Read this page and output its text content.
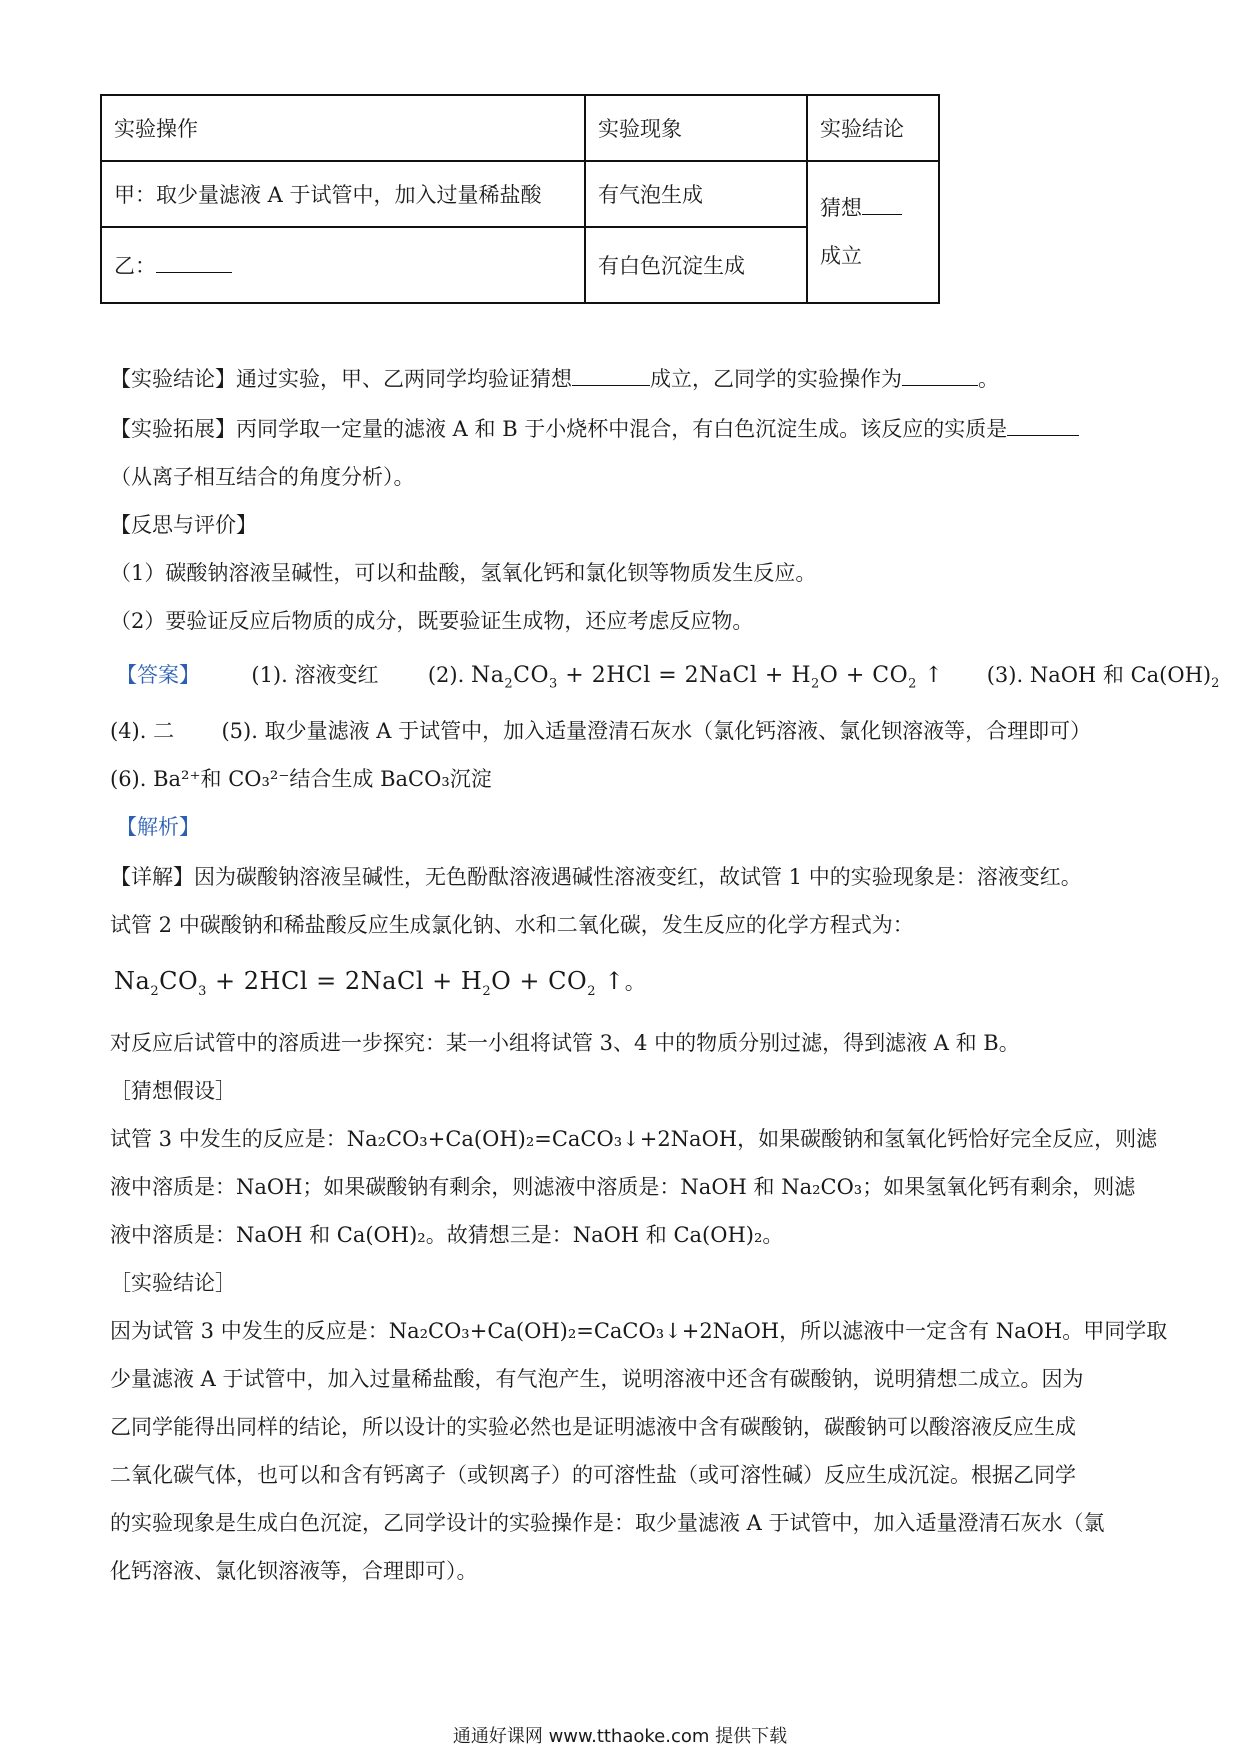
实验操作	实验现象	实验结论
甲：取少量滤液 A 于试管中，加入过量稀盐酸	有气泡生成	猜想
成立

乙：	有白色沉淀生成	
【实验结论】通过实验，甲、乙两同学均验证猜想	成立，乙同学的实验操作为	。
【实验拓展】丙同学取一定量的滤液 A 和 B 于小烧杯中混合，有白色沉淀生成。该反应的实质是
（从离子相互结合的角度分析）。
【反思与评价】
（1）碳酸钠溶液呈碱性，可以和盐酸，氢氧化钙和氯化钡等物质发生反应。
（2）要验证反应后物质的成分，既要验证生成物，还应考虑反应物。
【答案】 (1). 溶液变红 (2). $Na_2CO_3 + 2HCl$ = 2NaCl + $H_2O + CO_2$ ↑ (3). NaOH 和 $Ca(OH)_2$
(4). 二 (5). 取少量滤液 A 于试管中，加入适量澄清石灰水（氯化钙溶液、氯化钡溶液等，合理即可）
(6). Ba²⁺和 CO₃²⁻结合生成 BaCO₃沉淀
【解析】
【详解】因为碳酸钠溶液呈碱性，无色酚酞溶液遇碱性溶液变红，故试管 1 中的实验现象是：溶液变红。
试管 2 中碳酸钠和稀盐酸反应生成氯化钠、水和二氧化碳，发生反应的化学方程式为：
$Na_2CO_3 + 2HCl$ = 2NaCl + $H_2O + CO_2$ ↑。
对反应后试管中的溶质进一步探究：某一小组将试管 3、4 中的物质分别过滤，得到滤液 A 和 B。
［猜想假设］
试管 3 中发生的反应是：Na₂CO₃+Ca(OH)₂=CaCO₃↓+2NaOH，如果碳酸钠和氢氧化钙恰好完全反应，则滤
液中溶质是：NaOH；如果碳酸钠有剩余，则滤液中溶质是：NaOH 和 Na₂CO₃；如果氢氧化钙有剩余，则滤
液中溶质是：NaOH 和 Ca(OH)₂。故猜想三是：NaOH 和 Ca(OH)₂。
［实验结论］
因为试管 3 中发生的反应是：Na₂CO₃+Ca(OH)₂=CaCO₃↓+2NaOH，所以滤液中一定含有 NaOH。甲同学取
少量滤液 A 于试管中，加入过量稀盐酸，有气泡产生，说明溶液中还含有碳酸钠，说明猜想二成立。因为
乙同学能得出同样的结论，所以设计的实验必然也是证明滤液中含有碳酸钠，碳酸钠可以酸溶液反应生成
二氧化碳气体，也可以和含有钙离子（或钡离子）的可溶性盐（或可溶性碱）反应生成沉淀。根据乙同学
的实验现象是生成白色沉淀，乙同学设计的实验操作是：取少量滤液 A 于试管中，加入适量澄清石灰水（氯
化钙溶液、氯化钡溶液等，合理即可）。
通通好课网 www.tthaoke.com 提供下载
